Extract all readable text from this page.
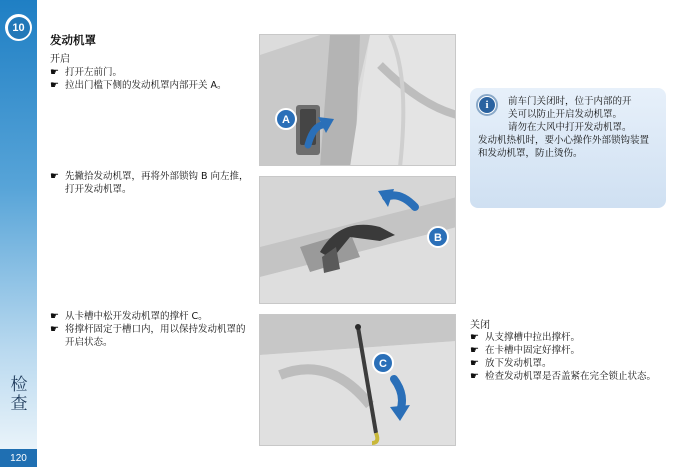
10
检查
120
发动机罩
开启
☛ 打开左前门。
☛ 拉出门槛下侧的发动机罩内部开关 A。
☛ 先撇拾发动机罩，再将外部锁钩 B 向左推，打开发动机罩。
☛ 从卡槽中松开发动机罩的撑杆 C。
☛ 将撑杆固定于槽口内，用以保持发动机罩的开启状态。
A
B
C
i	前车门关闭时，位于内部的开
关可以防止开启发动机罩。
请勿在大风中打开发动机罩。
发动机热机时，要小心操作外部锁钩装置和发动机罩，防止烫伤。
关闭
☛ 从支撑槽中拉出撑杆。
☛ 在卡槽中固定好撑杆。
☛ 放下发动机罩。
☛ 检查发动机罩是否盖紧在完全锁止状态。
